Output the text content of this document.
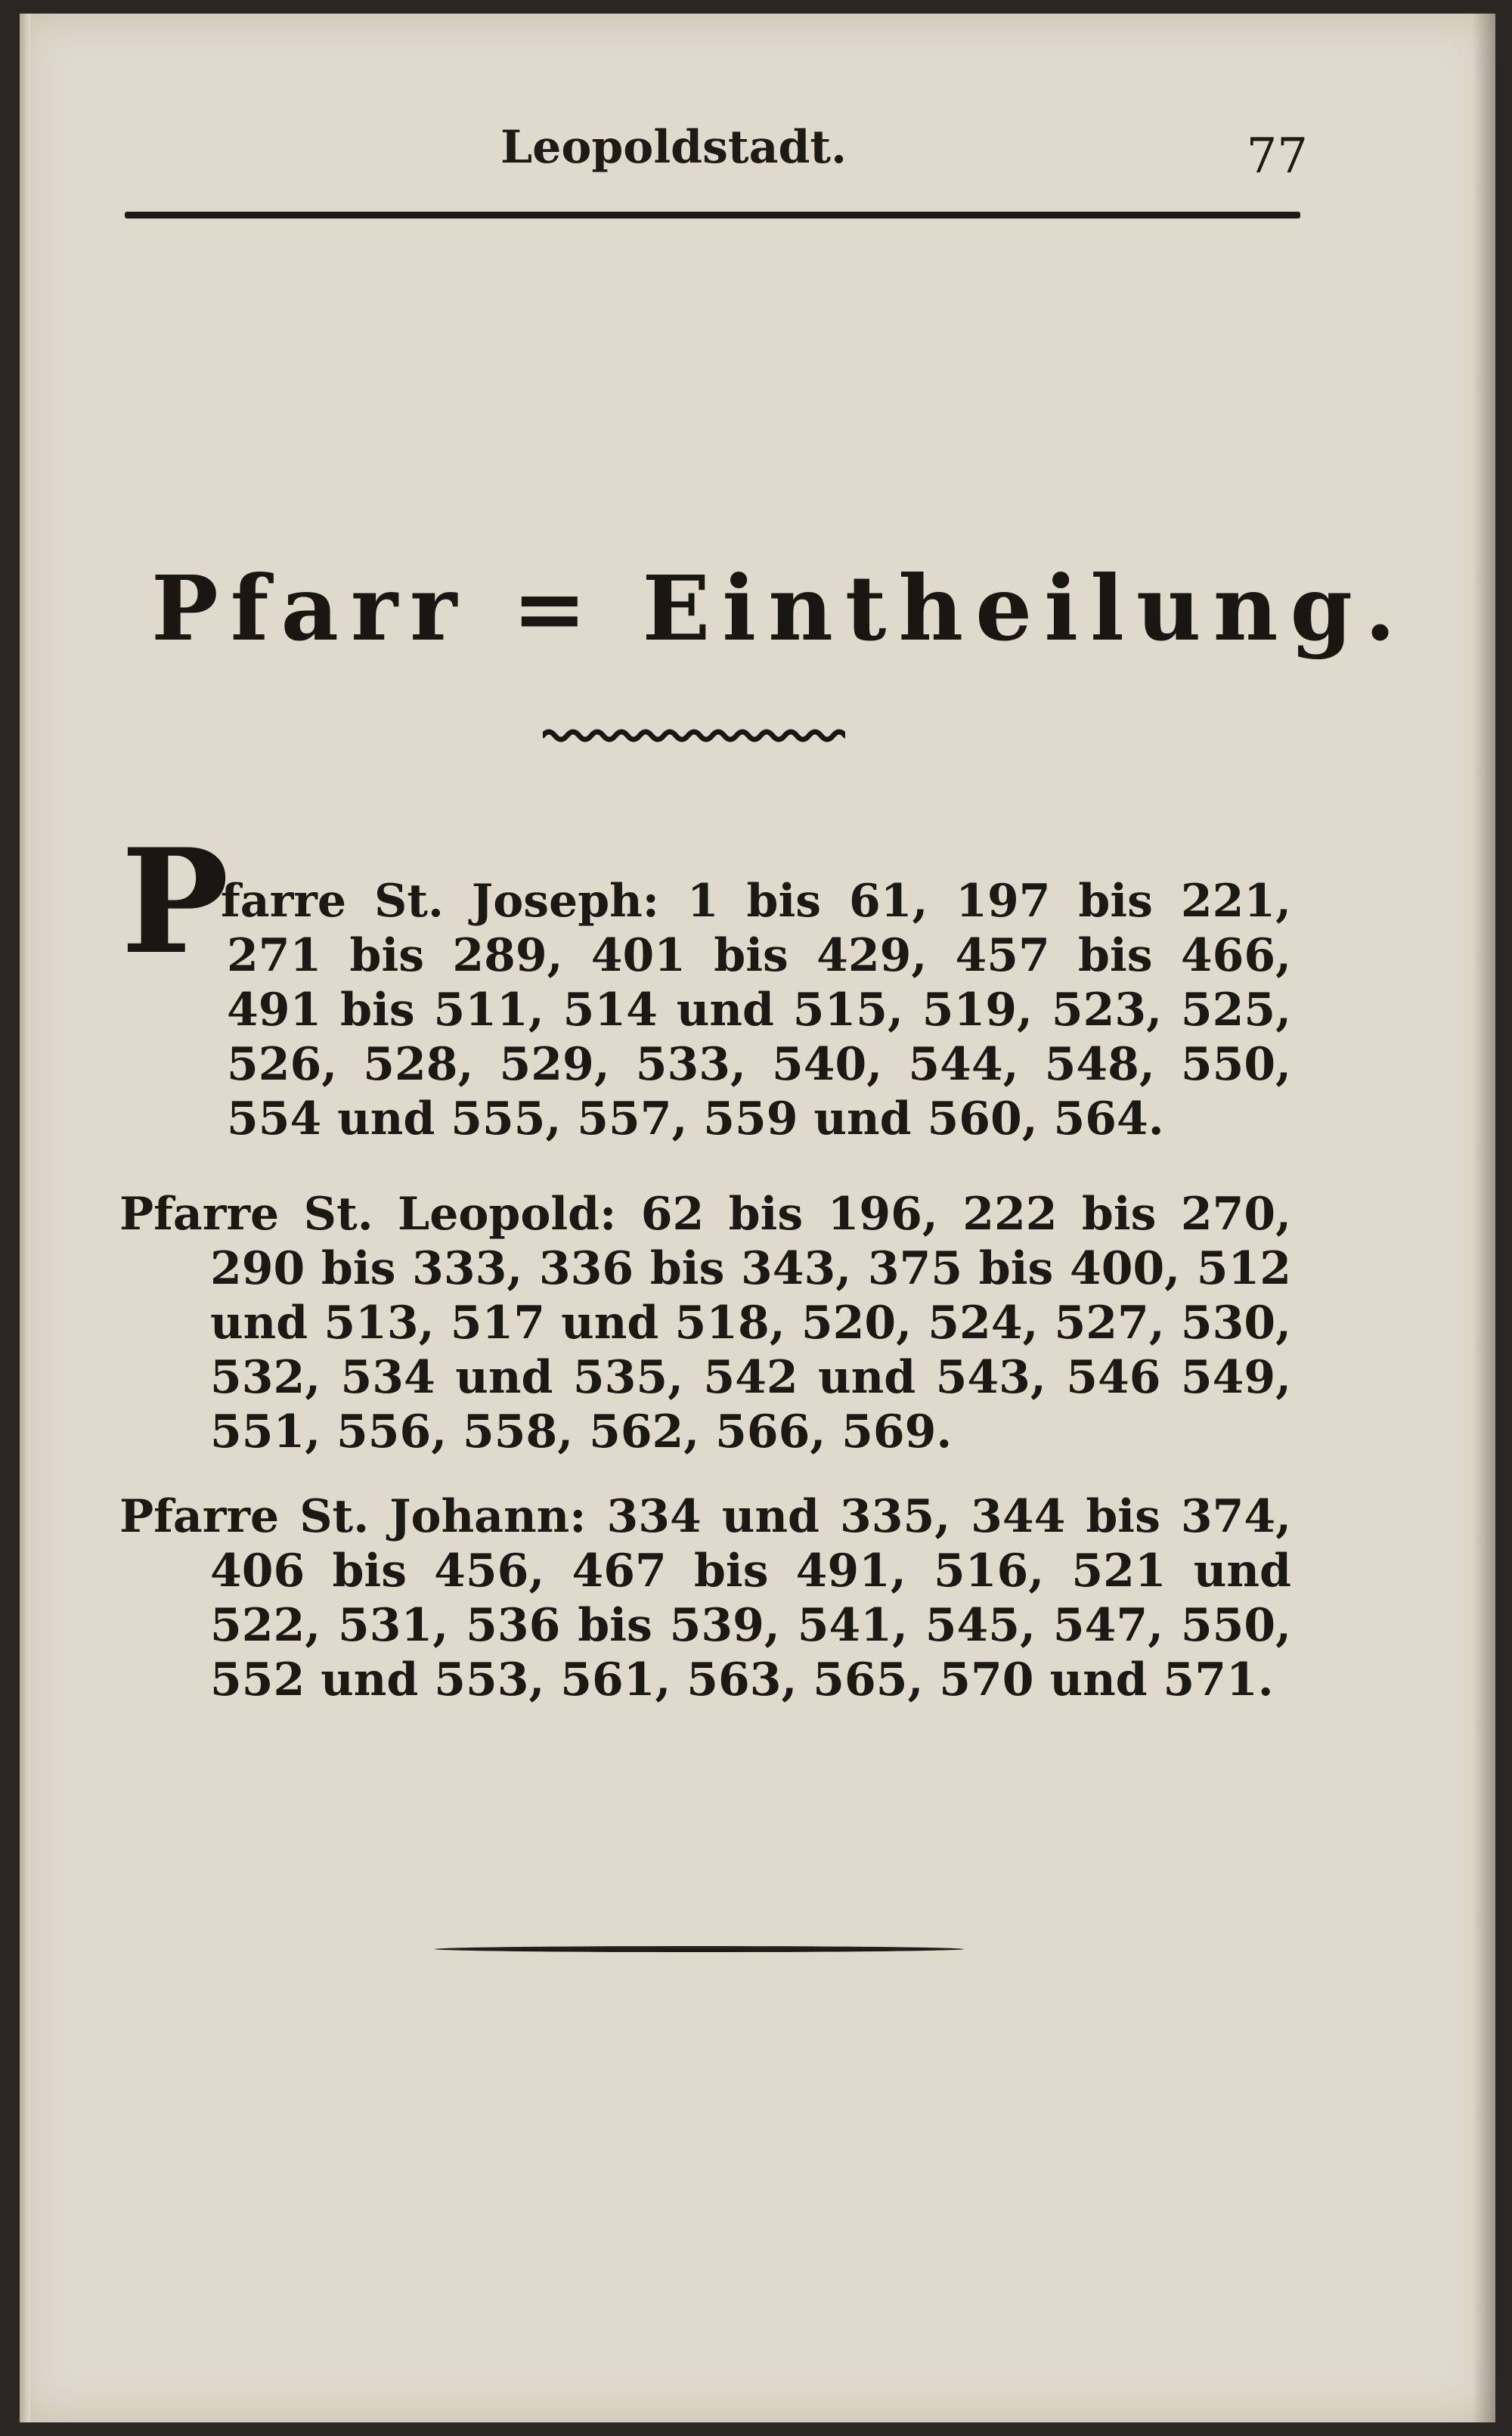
Leopoldstadt.	77
Pfarr = Eintheilung.
P

farre St. Joseph: 1 bis 61, 197 bis 221, 271 bis 289, 401 bis 429, 457 bis 466, 491 bis 511, 514 und 515, 519, 523, 525, 526, 528, 529, 533, 540, 544, 548, 550, 554 und 555, 557, 559 und 560, 564.

Pfarre St. Leopold: 62 bis 196, 222 bis 270, 290 bis 333, 336 bis 343, 375 bis 400, 512 und 513, 517 und 518, 520, 524, 527, 530, 532, 534 und 535, 542 und 543, 546 549, 551, 556, 558, 562, 566, 569.

Pfarre St. Johann: 334 und 335, 344 bis 374, 406 bis 456, 467 bis 491, 516, 521 und 522, 531, 536 bis 539, 541, 545, 547, 550, 552 und 553, 561, 563, 565, 570 und 571.
